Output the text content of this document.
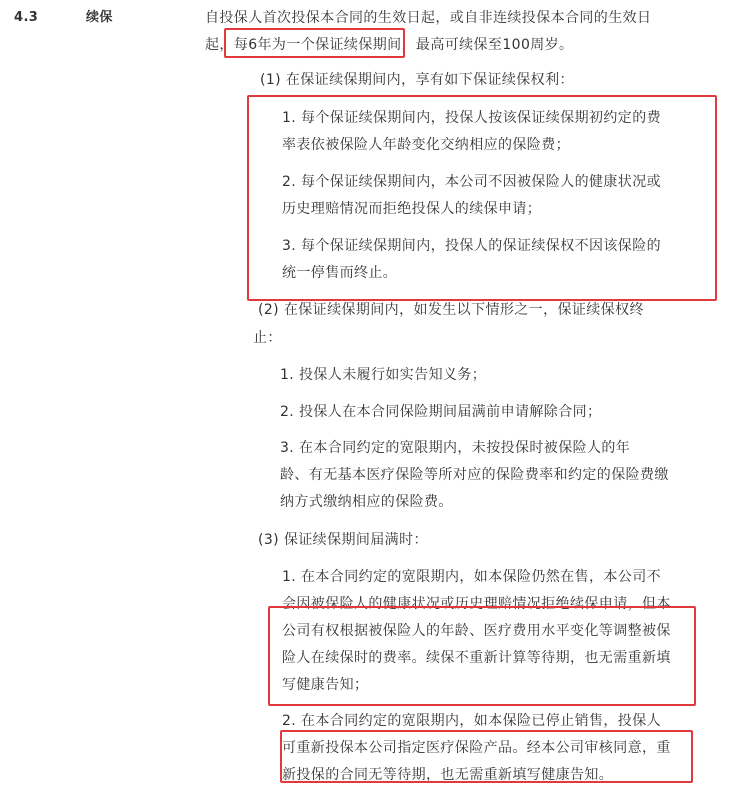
4.3	续保	自投保人首次投保本合同的生效日起，或自非连续投保本合同的生效日
起，每6年为一个保证续保期间，最高可续保至100周岁。
(1) 在保证续保期间内，享有如下保证续保权利：
1. 每个保证续保期间内，投保人按该保证续保期初约定的费
率表依被保险人年龄变化交纳相应的保险费；
2. 每个保证续保期间内，本公司不因被保险人的健康状况或
历史理赔情况而拒绝投保人的续保申请；
3. 每个保证续保期间内，投保人的保证续保权不因该保险的
统一停售而终止。
(2) 在保证续保期间内，如发生以下情形之一，保证续保权终
止：
1. 投保人未履行如实告知义务；
2. 投保人在本合同保险期间届满前申请解除合同；
3. 在本合同约定的宽限期内，未按投保时被保险人的年
龄、有无基本医疗保险等所对应的保险费率和约定的保险费缴
纳方式缴纳相应的保险费。
(3) 保证续保期间届满时：
1. 在本合同约定的宽限期内，如本保险仍然在售，本公司不
会因被保险人的健康状况或历史理赔情况拒绝续保申请，但本
公司有权根据被保险人的年龄、医疗费用水平变化等调整被保
险人在续保时的费率。续保不重新计算等待期，也无需重新填
写健康告知；
2. 在本合同约定的宽限期内，如本保险已停止销售，投保人
可重新投保本公司指定医疗保险产品。经本公司审核同意，重
新投保的合同无等待期，也无需重新填写健康告知。
